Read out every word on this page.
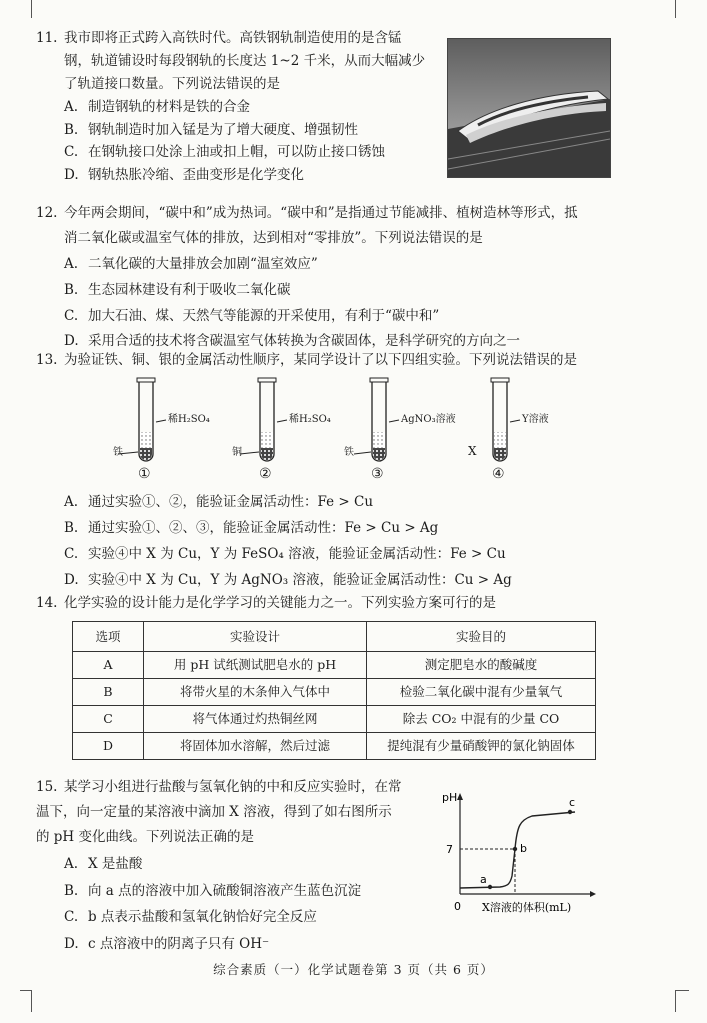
11. 我市即将正式跨入高铁时代。高铁钢轨制造使用的是含锰

钢，轨道铺设时每段钢轨的长度达 1~2 千米，从而大幅减少

了轨道接口数量。下列说法错误的是

A. 制造钢轨的材料是铁的合金
B. 钢轨制造时加入锰是为了增大硬度、增强韧性
C. 在钢轨接口处涂上油或扣上帽，可以防止接口锈蚀
D. 钢轨热胀冷缩、歪曲变形是化学变化

12. 今年两会期间，“碳中和”成为热词。“碳中和”是指通过节能减排、植树造林等形式，抵

消二氧化碳或温室气体的排放，达到相对“零排放”。下列说法错误的是

A. 二氧化碳的大量排放会加剧“温室效应”
B. 生态园林建设有利于吸收二氧化碳
C. 加大石油、煤、天然气等能源的开采使用，有利于“碳中和”
D. 采用合适的技术将含碳温室气体转换为含碳固体，是科学研究的方向之一

13. 为验证铁、铜、银的金属活动性顺序，某同学设计了以下四组实验。下列说法错误的是

稀H₂SO₄
铁
①
稀H₂SO₄
铜
②
AgNO₃溶液
铁
③
Y溶液
X
④
A. 通过实验①、②，能验证金属活动性：Fe > Cu
B. 通过实验①、②、③，能验证金属活动性：Fe > Cu > Ag
C. 实验④中 X 为 Cu，Y 为 FeSO₄ 溶液，能验证金属活动性：Fe > Cu
D. 实验④中 X 为 Cu，Y 为 AgNO₃ 溶液，能验证金属活动性：Cu > Ag

14. 化学实验的设计能力是化学学习的关键能力之一。下列实验方案可行的是

选项	实验设计	实验目的
A	用 pH 试纸测试肥皂水的 pH	测定肥皂水的酸碱度
B	将带火星的木条伸入气体中	检验二氧化碳中混有少量氧气
C	将气体通过灼热铜丝网	除去 CO₂ 中混有的少量 CO
D	将固体加水溶解，然后过滤	提纯混有少量硝酸钾的氯化钠固体

15. 某学习小组进行盐酸与氢氧化钠的中和反应实验时，在常

温下，向一定量的某溶液中滴加 X 溶液，得到了如右图所示

的 pH 变化曲线。下列说法正确的是

A. X 是盐酸
B. 向 a 点的溶液中加入硫酸铜溶液产生蓝色沉淀
C. b 点表示盐酸和氢氧化钠恰好完全反应
D. c 点溶液中的阴离子只有 OH⁻
pH
7
0 X溶液的体积(mL)
a
b
c
综合素质（一）化学试题卷第 3 页（共 6 页）
